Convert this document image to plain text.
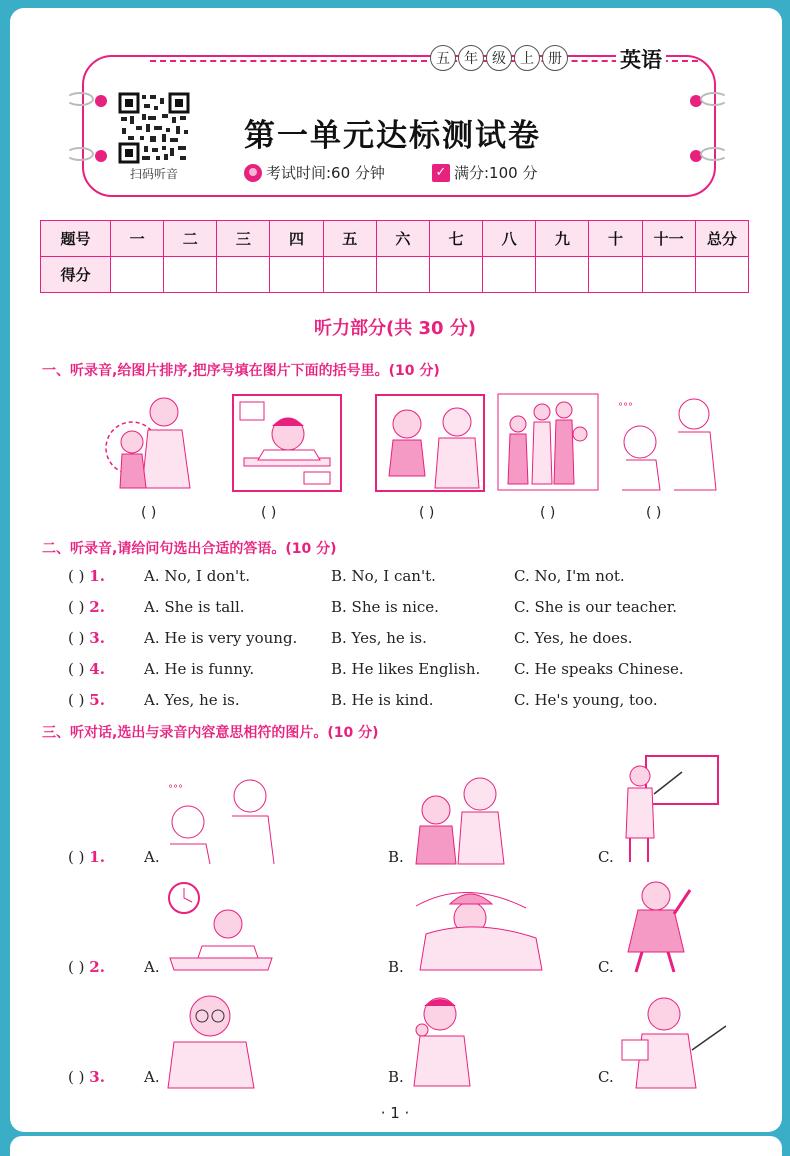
五	年	级	上	册	英语
扫码听音
第一单元达标测试卷
考试时间:60 分钟	✓ 满分:100 分
题号	一	二	三	四	五	六	七	八	九	十	十一	总分
得分												
听力部分(共 30 分)
一、听录音,给图片排序,把序号填在图片下面的括号里。(10 分)
°°°
( )	( )	( )	( )	( )
二、听录音,请给问句选出合适的答语。(10 分)
( ) 1.	A. No, I don't.	B. No, I can't.	C. No, I'm not.
( ) 2.	A. She is tall.	B. She is nice.	C. She is our teacher.
( ) 3.	A. He is very young. B. Yes, he is.	C. Yes, he does.
( ) 4.	A. He is funny.	B. He likes English. C. He speaks Chinese.
( ) 5.	A. Yes, he is.	B. He is kind.	C. He's young, too.
三、听对话,选出与录音内容意思相符的图片。(10 分)
( ) 1.	A.	B.	C.
°°°
( ) 2.	A.	B.	C.
( ) 3.	A.	B.	C.
· 1 ·
